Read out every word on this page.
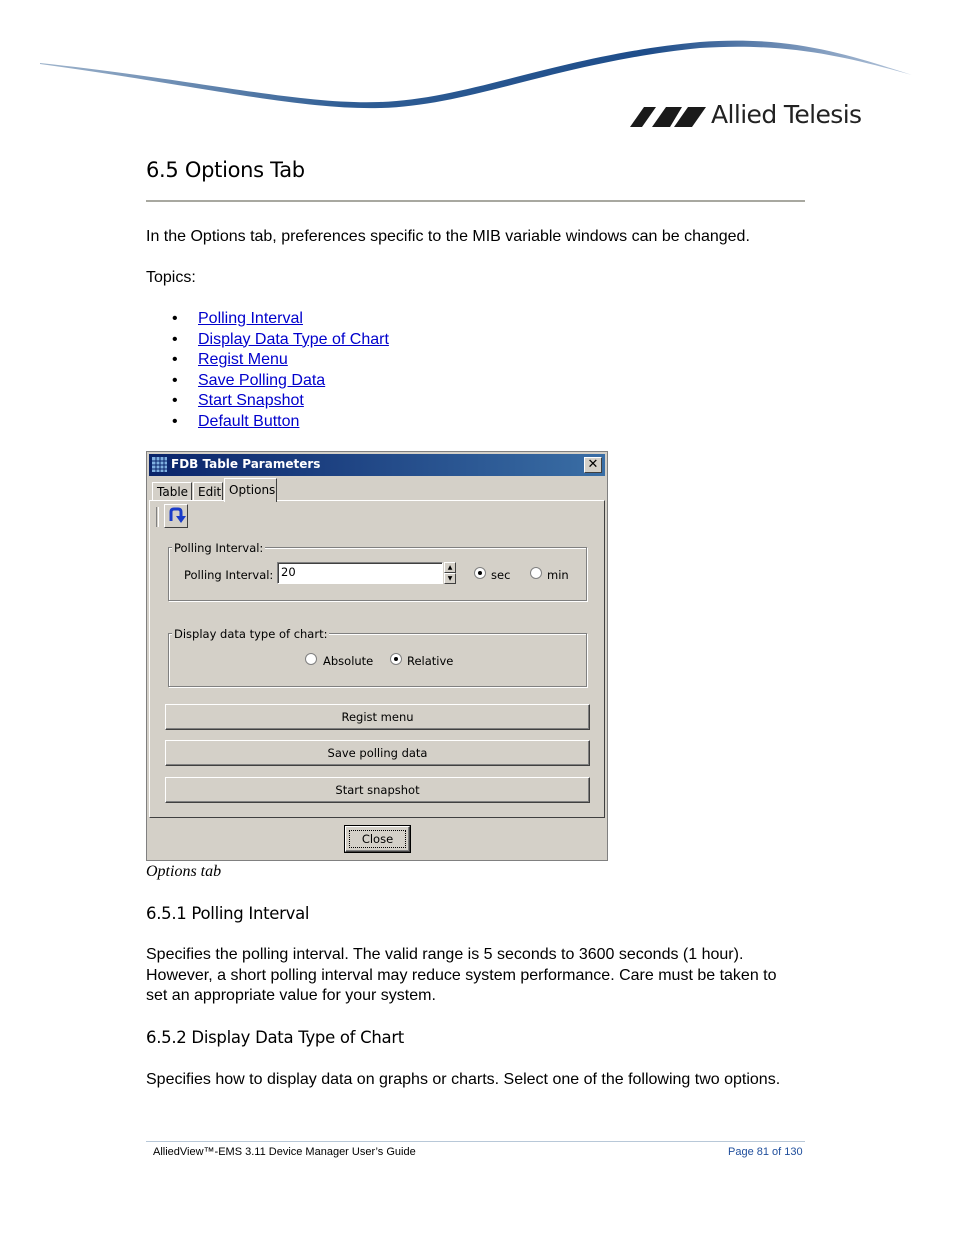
Allied Telesis
6.5 Options Tab
In the Options tab, preferences specific to the MIB variable windows can be changed.
Topics:
• Polling Interval
• Display Data Type of Chart
• Regist Menu
• Save Polling Data
• Start Snapshot
• Default Button
FDB Table Parameters	✕
Table Edit Options
Polling Interval:
Polling Interval: 20	▲
▼	sec	min
Display data type of chart:
Absolute	Relative
Regist menu
Save polling data
Start snapshot
Close
Options tab
6.5.1 Polling Interval
Specifies the polling interval. The valid range is 5 seconds to 3600 seconds (1 hour).
However, a short polling interval may reduce system performance. Care must be taken to
set an appropriate value for your system.
6.5.2 Display Data Type of Chart
Specifies how to display data on graphs or charts. Select one of the following two options.
AlliedView™-EMS 3.11 Device Manager User’s Guide	Page 81 of 130
